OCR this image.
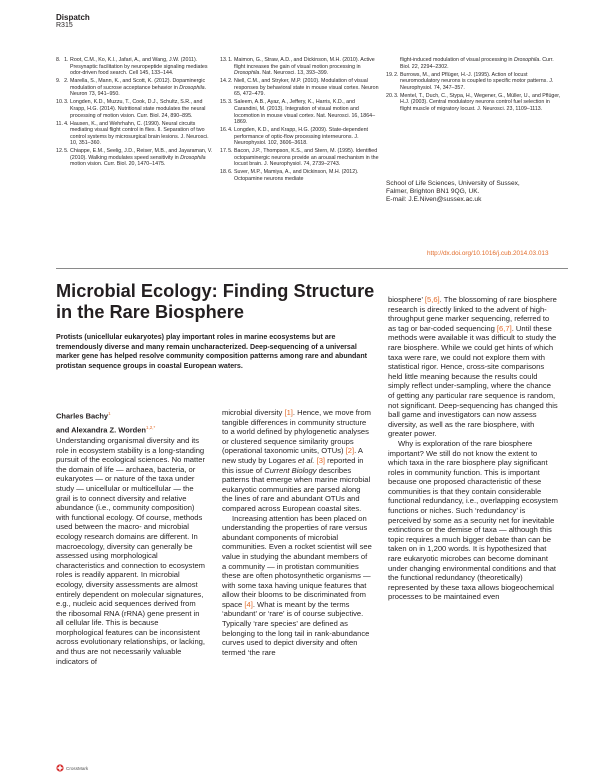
Dispatch
R315
1. 8. Root, C.M., Ko, K.I., Jafari, A., and Wang, J.W. (2011). Presynaptic facilitation by neuropeptide signaling mediates odor-driven food search. Cell 145, 133–144.
2. 9. Marella, S., Mann, K., and Scott, K. (2012). Dopaminergic modulation of sucrose acceptance behavior in Drosophila. Neuron 73, 941–950.
3. 10. Longden, K.D., Muzzu, T., Cook, D.J., Schultz, S.R., and Krapp, H.G. (2014). Nutritional state modulates the neural processing of motion vision. Curr. Biol. 24, 890–895.
4. 11. Hausen, K., and Wehrhahn, C. (1990). Neural circuits mediating visual flight control in flies. II. Separation of two control systems by microsurgical brain lesions. J. Neurosci. 10, 351–360.
5. 12. Chiappe, E.M., Seelig, J.D., Reiser, M.B., and Jayaraman, V. (2010). Walking modulates speed sensitivity in Drosophila motion vision. Curr. Biol. 20, 1470–1475.
1. 13. Maimon, G., Straw, A.D., and Dickinson, M.H. (2010). Active flight increases the gain of visual motion processing in Drosophila. Nat. Neurosci. 13, 393–399.
2. 14. Niell, C.M., and Stryker, M.P. (2010). Modulation of visual responses by behavioral state in mouse visual cortex. Neuron 65, 472–479.
3. 15. Saleem, A.B., Ayaz, A., Jeffery, K., Harris, K.D., and Carandini, M. (2013). Integration of visual motion and locomotion in mouse visual cortex. Nat. Neurosci. 16, 1864–1869.
4. 16. Longden, K.D., and Krapp, H.G. (2009). State-dependent performance of optic-flow processing interneurons. J. Neurophysiol. 102, 3606–3618.
5. 17. Bacon, J.P., Thompson, K.S., and Stern, M. (1995). Identified octopaminergic neurons provide an arousal mechanism in the locust brain. J. Neurophysiol. 74, 2739–2743.
6. 18. Suver, M.P., Mamiya, A., and Dickinson, M.H. (2012). Octopamine neurons mediate
flight-induced modulation of visual processing in Drosophila. Curr. Biol. 22, 2294–2302.
2. 19. Burrows, M., and Pflüger, H.-J. (1995). Action of locust neuromodulatory neurons is coupled to specific motor patterns. J. Neurophysiol. 74, 347–357.
3. 20. Mentel, T., Duch, C., Stypa, H., Wegener, G., Müller, U., and Pflüger, H.J. (2003). Central modulatory neurons control fuel selection in flight muscle of migratory locust. J. Neurosci. 23, 1109–1113.
School of Life Sciences, University of Sussex,
Falmer, Brighton BN1 9QG, UK.
E-mail: J.E.Niven@sussex.ac.uk
http://dx.doi.org/10.1016/j.cub.2014.03.013
Microbial Ecology: Finding Structure in the Rare Biosphere

Protists (unicellular eukaryotes) play important roles in marine ecosystems but are tremendously diverse and many remain uncharacterized. Deep-sequencing of a universal marker gene has helped resolve community composition patterns among rare and abundant protistan sequence groups in coastal European waters.

Charles Bachy$^1$
and Alexandra Z. Worden$^{1,2,*}$

Understanding organismal diversity and its role in ecosystem stability is a long-standing pursuit of the ecological sciences. No matter the domain of life — archaea, bacteria, or eukaryotes — or nature of the taxa under study — unicellular or multicellular — the grail is to connect diversity and relative abundance (i.e., community composition) with functional ecology. Of course, methods used between the macro- and microbial ecology research domains are different. In macroecology, diversity can generally be assessed using morphological characteristics and connection to ecosystem roles is readily apparent. In microbial ecology, diversity assessments are almost entirely dependent on molecular signatures, e.g., nucleic acid sequences derived from the ribosomal RNA (rRNA) gene present in all cellular life. This is because morphological features can be inconsistent across evolutionary relationships, or lacking, and thus are not necessarily valuable indicators of

microbial diversity [1]. Hence, we move from tangible differences in community structure to a world defined by phylogenetic analyses or clustered sequence similarity groups (operational taxonomic units, OTUs) [2]. A new study by Logares et al. [3] reported in this issue of Current Biology describes patterns that emerge when marine microbial eukaryotic communities are parsed along the lines of rare and abundant OTUs and compared across European coastal sites.

Increasing attention has been placed on understanding the properties of rare versus abundant components of microbial communities. Even a rocket scientist will see value in studying the abundant members of a community — in protistan communities these are often photosynthetic organisms — with some taxa having unique features that allow their blooms to be discriminated from space [4]. What is meant by the terms ‘abundant’ or ‘rare’ is of course subjective. Typically ‘rare species’ are defined as belonging to the long tail in rank-abundance curves used to depict diversity and often termed ‘the rare

biosphere’ [5,6]. The blossoming of rare biosphere research is directly linked to the advent of high-throughput gene marker sequencing, referred to as tag or bar-coded sequencing [6,7]. Until these methods were available it was difficult to study the rare biosphere. While we could get hints of which taxa were rare, we could not explore them with statistical rigor. Hence, cross-site comparisons held little meaning because the results could simply reflect under-sampling, where the chance of getting any particular rare sequence is random, not significant. Deep-sequencing has changed this ball game and investigators can now assess diversity, as well as the rare biosphere, with greater power.

Why is exploration of the rare biosphere important? We still do not know the extent to which taxa in the rare biosphere play significant roles in community function. This is important because one proposed characteristic of these communities is that they contain considerable functional redundancy, i.e., overlapping ecosystem functions or niches. Such ‘redundancy’ is perceived by some as a security net for inevitable extinctions or the demise of taxa — although this topic requires a much bigger debate than can be taken on in 1,200 words. It is hypothesized that rare eukaryotic microbes can become dominant under changing environmental conditions and that the functional redundancy (theoretically) represented by these taxa allows biogeochemical processes to be maintained even

CrossMark
